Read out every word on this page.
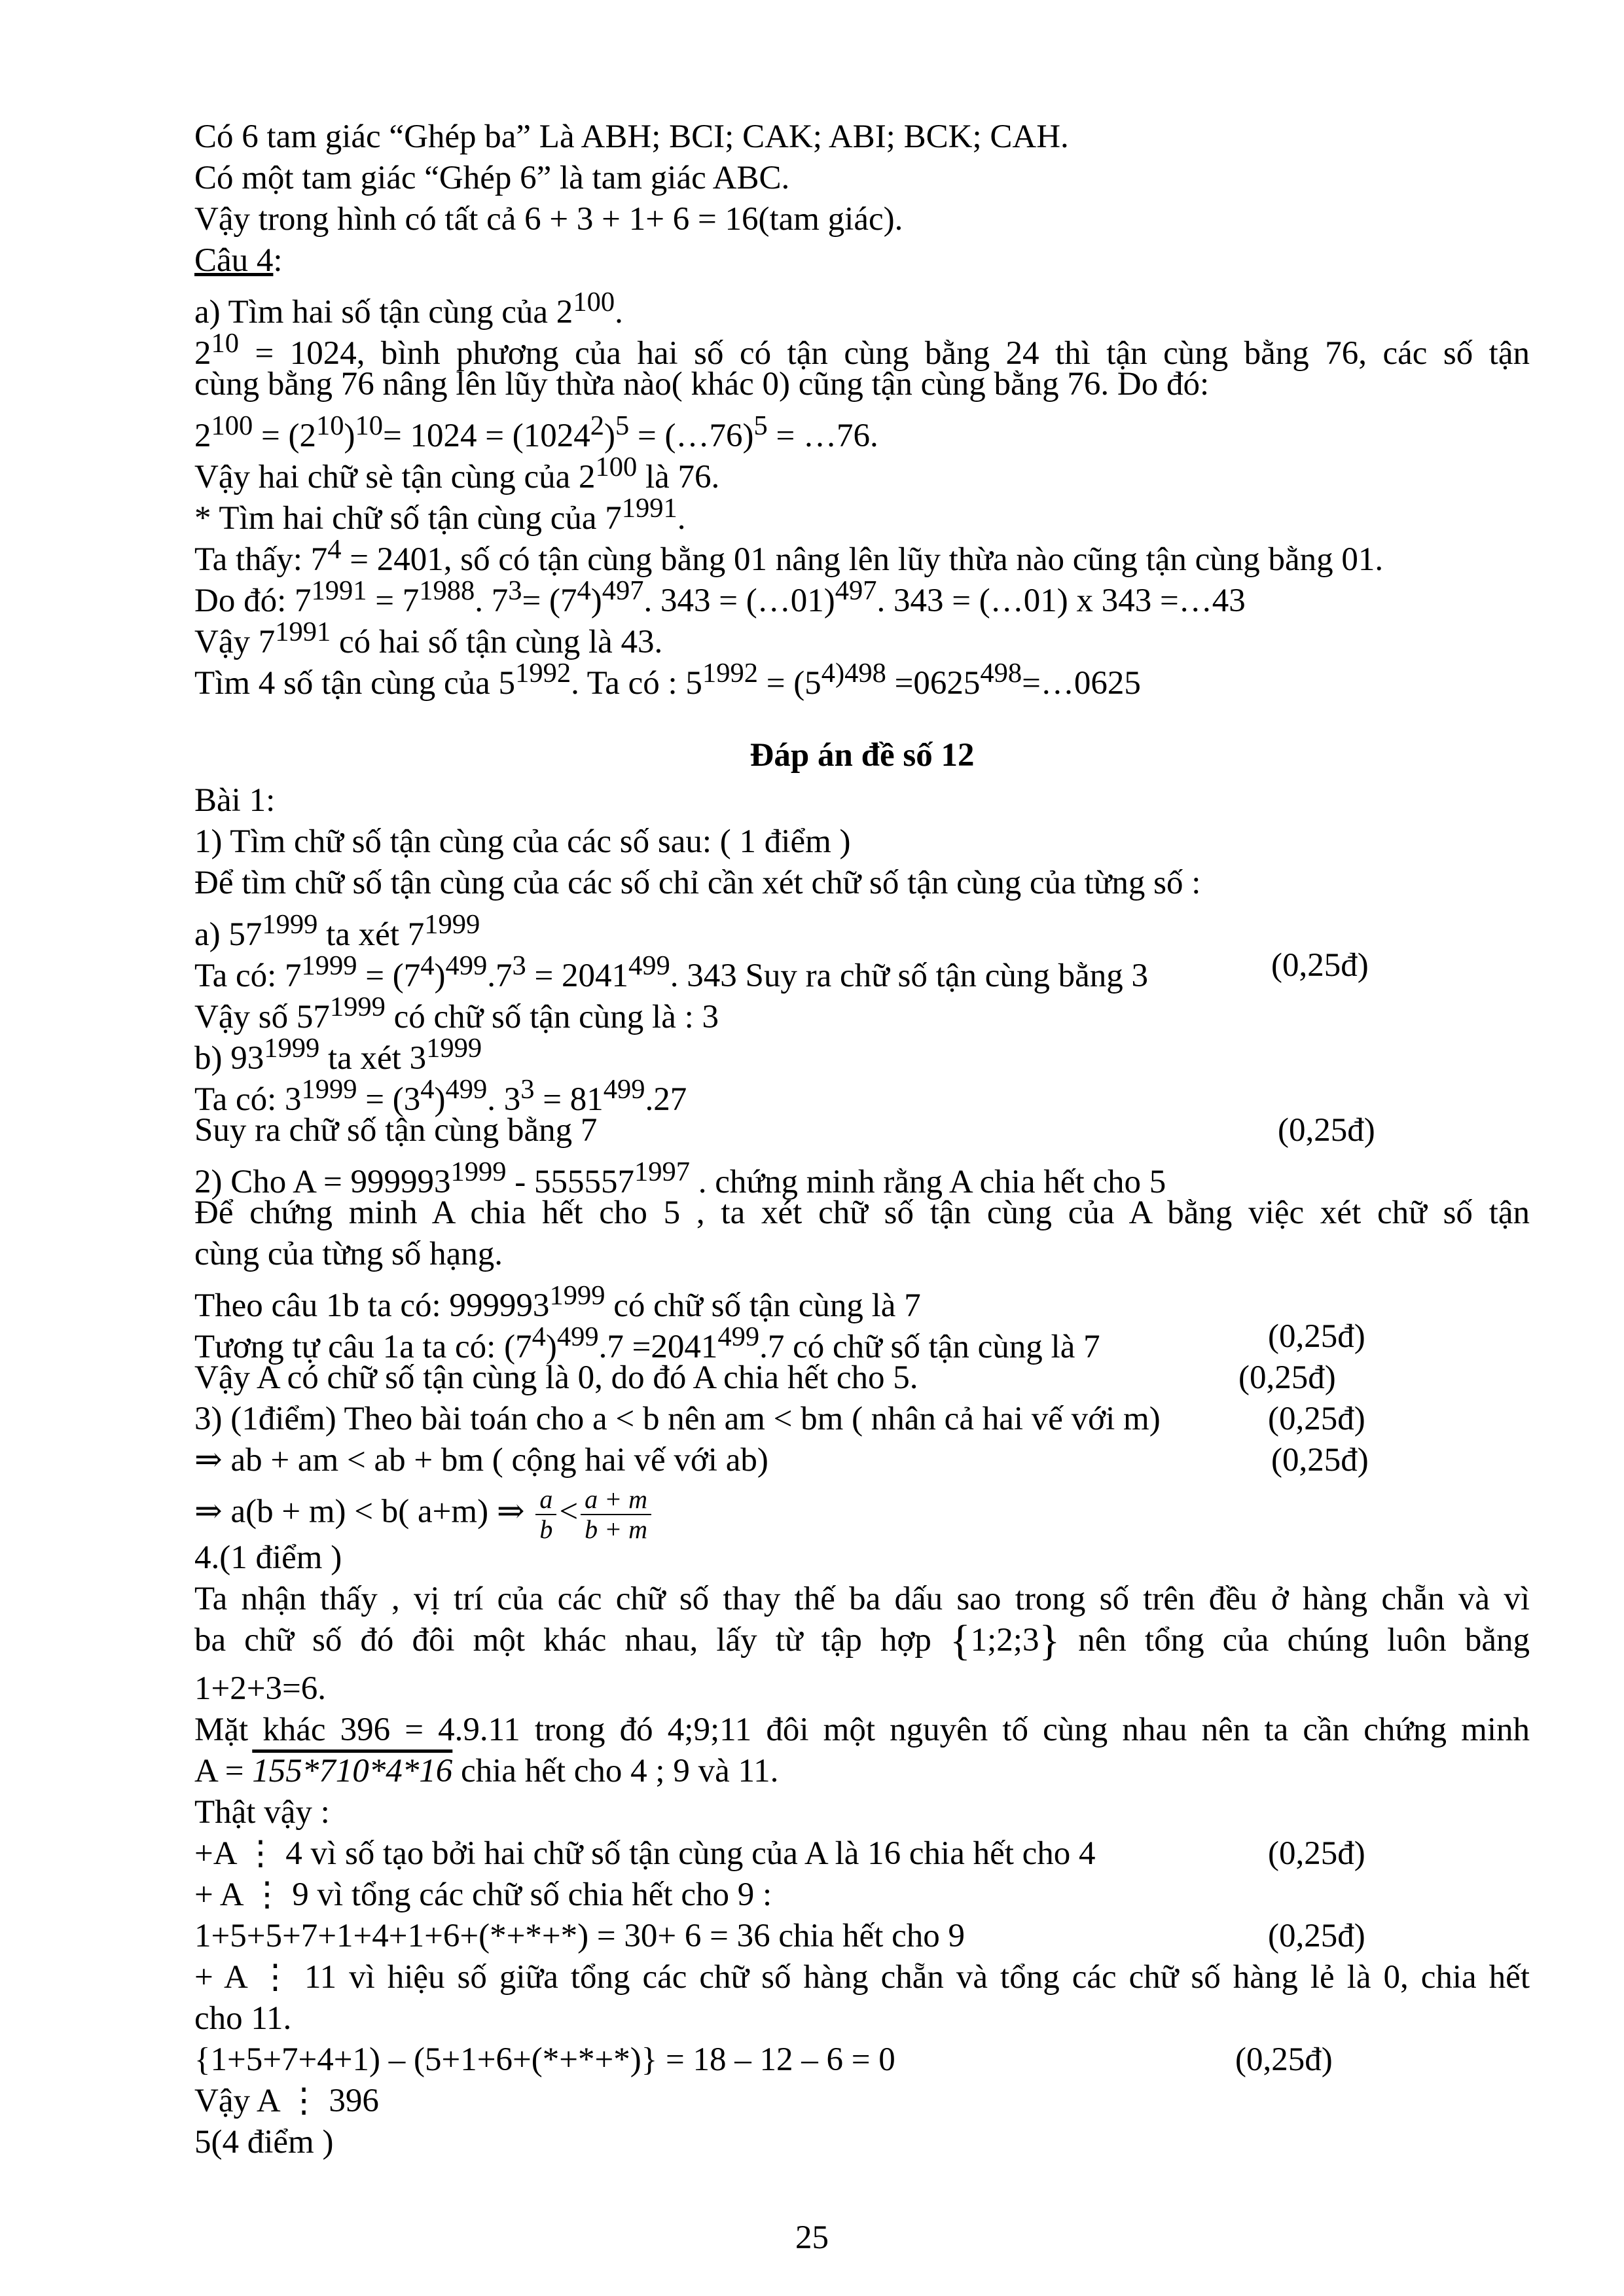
Có 6 tam giác “Ghép ba” Là ABH; BCI; CAK; ABI; BCK; CAH.
Có một tam giác “Ghép 6” là tam giác ABC.
Vậy trong hình có tất cả 6 + 3 + 1+ 6 = 16(tam giác).
Câu 4:
a) Tìm hai số tận cùng của $2^{100}$.
$2^{10} = 1024$, bình phương của hai số có tận cùng bằng 24 thì tận cùng bằng 76, các số tận
cùng bằng 76 nâng lên lũy thừa nào( khác 0) cũng tận cùng bằng 76. Do đó:
$2^{100} = (2^{10})^{10}= 1024 = (1024^2)^5$ = (…76)$^5$ = …76.
Vậy hai chữ sè tận cùng của $2^{100}$ là 76.
* Tìm hai chữ số tận cùng của $7^{1991}$.
Ta thấy: $7^4 = 2401$, số có tận cùng bằng 01 nâng lên lũy thừa nào cũng tận cùng bằng 01.
Do đó: $7^{1991} = 7^{1988}$. $7^3= (7^4)^{497}$. 343 = (…01)$^{497}$. 343 = (…01) x 343 =…43
Vậy $7^{1991}$ có hai số tận cùng là 43.
Tìm 4 số tận cùng của $5^{1992}$. Ta có : $5^{1992} = (5^{4)498}$ $=0625^{498}=\dots 0625$
Đáp án đề số 12
Bài 1:
1) Tìm chữ số tận cùng của các số sau: ( 1 điểm )
Để tìm chữ số tận cùng của các số chỉ cần xét chữ số tận cùng của từng số :
a) $57^{1999}$ ta xét $7^{1999}$
Ta có: $7^{1999} = (7^4)^{499}.7^3 = 2041^{499}$. 343 Suy ra chữ số tận cùng bằng 3	(0,25đ)
Vậy số $57^{1999}$ có chữ số tận cùng là : 3
b) $93^{1999}$ ta xét $3^{1999}$
Ta có: $3^{1999} = (3^4)^{499}$. $3^3 = 81^{499}.27$
Suy ra chữ số tận cùng bằng 7	(0,25đ)
2) Cho $A = 999993^{1999} - 555557^{1997}$ . chứng minh rằng A chia hết cho 5
Để chứng minh A chia hết cho 5 , ta xét chữ số tận cùng của A bằng việc xét chữ số tận
cùng của từng số hạng.
Theo câu 1b ta có: $999993^{1999}$ có chữ số tận cùng là 7
Tương tự câu 1a ta có: $(7^4)^{499}.7 =2041^{499}.7$ có chữ số tận cùng là 7	(0,25đ)
Vậy A có chữ số tận cùng là 0, do đó A chia hết cho 5.	(0,25đ)
3) (1điểm) Theo bài toán cho a < b nên am < bm ( nhân cả hai vế với m)	(0,25đ)
⇒ ab + am < ab + bm ( cộng hai vế với ab)	(0,25đ)
⇒ a(b + m) < b( a+m) ⇒ $\frac{a}{b} < \frac{a + m}{b + m}$
4.(1 điểm )
Ta nhận thấy , vị trí của các chữ số thay thế ba dấu sao trong số trên đều ở hàng chẵn và vì
ba chữ số đó đôi một khác nhau, lấy từ tập hợp {1;2;3} nên tổng của chúng luôn bằng
1+2+3=6.
Mặt khác 396 = 4.9.11 trong đó 4;9;11 đôi một nguyên tố cùng nhau nên ta cần chứng minh
A = 155*710*4*16 chia hết cho 4 ; 9 và 11.
Thật vậy :
+A ⋮ 4 vì số tạo bởi hai chữ số tận cùng của A là 16 chia hết cho 4	(0,25đ)
+ A ⋮ 9 vì tổng các chữ số chia hết cho 9 :
1+5+5+7+1+4+1+6+(*+*+*) = 30+ 6 = 36 chia hết cho 9	(0,25đ)
+ A ⋮ 11 vì hiệu số giữa tổng các chữ số hàng chẵn và tổng các chữ số hàng lẻ là 0, chia hết
cho 11.
{1+5+7+4+1) – (5+1+6+(*+*+*)} = 18 – 12 – 6 = 0	(0,25đ)
Vậy A ⋮ 396
5(4 điểm )
25
